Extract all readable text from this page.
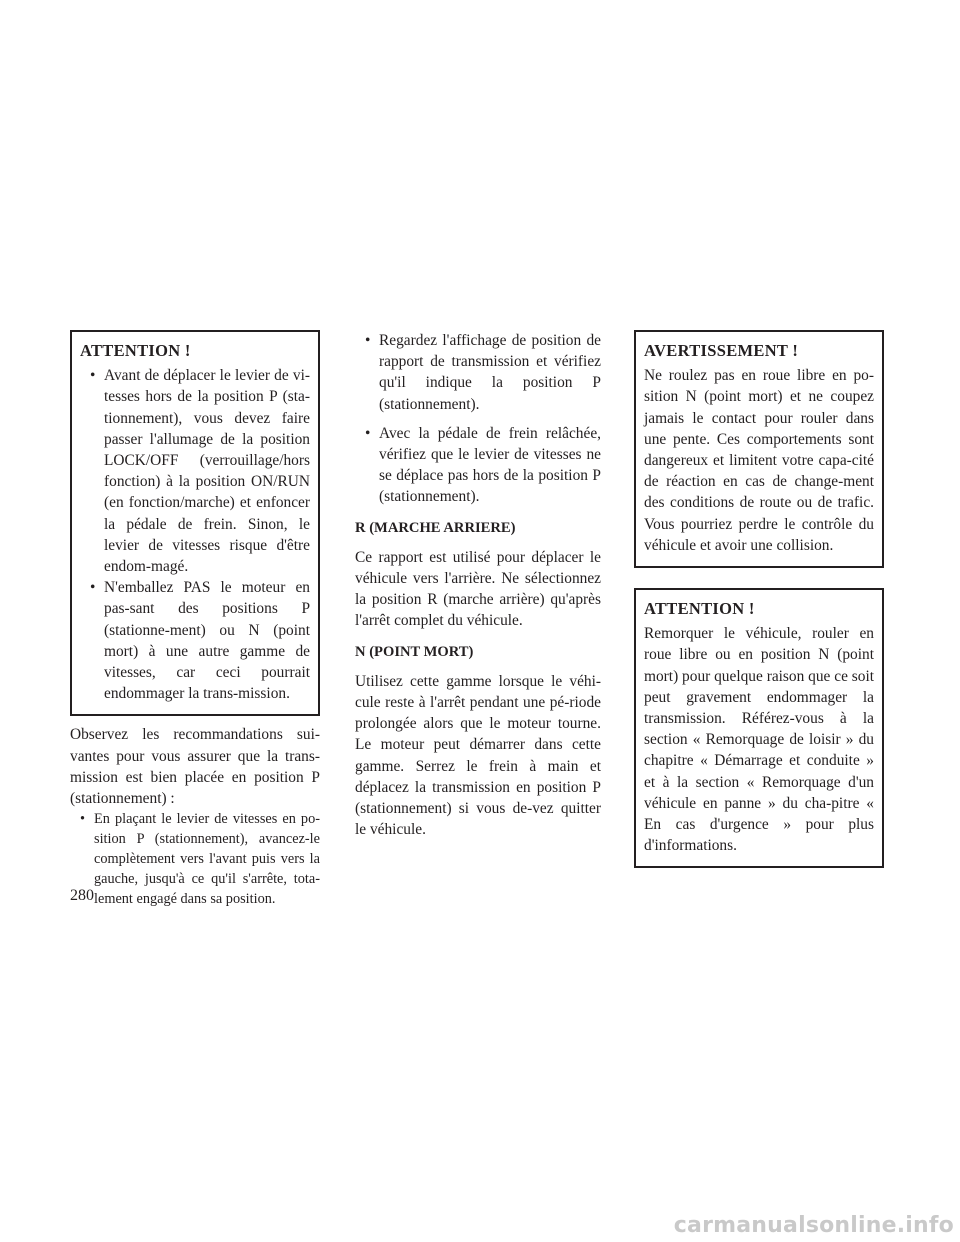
ATTENTION !
• Avant de déplacer le levier de vi-tesses hors de la position P (sta-tionnement), vous devez faire passer l'allumage de la position LOCK/OFF (verrouillage/hors fonction) à la position ON/RUN (en fonction/marche) et enfoncer la pédale de frein. Sinon, le levier de vitesses risque d'être endom-magé.
• N'emballez PAS le moteur en pas-sant des positions P (stationne-ment) ou N (point mort) à une autre gamme de vitesses, car ceci pourrait endommager la trans-mission.

Observez les recommandations sui-vantes pour vous assurer que la trans-mission est bien placée en position P (stationnement) :

• En plaçant le levier de vitesses en po-sition P (stationnement), avancez-le complètement vers l'avant puis vers la gauche, jusqu'à ce qu'il s'arrête, tota-lement engagé dans sa position.
• Regardez l'affichage de position de rapport de transmission et vérifiez qu'il indique la position P (stationnement).
• Avec la pédale de frein relâchée, vérifiez que le levier de vitesses ne se déplace pas hors de la position P (stationnement).

R (MARCHE ARRIERE)

Ce rapport est utilisé pour déplacer le véhicule vers l'arrière. Ne sélectionnez la position R (marche arrière) qu'après l'arrêt complet du véhicule.

N (POINT MORT)

Utilisez cette gamme lorsque le véhi-cule reste à l'arrêt pendant une pé-riode prolongée alors que le moteur tourne. Le moteur peut démarrer dans cette gamme. Serrez le frein à main et déplacez la transmission en position P (stationnement) si vous de-vez quitter le véhicule.

AVERTISSEMENT !

Ne roulez pas en roue libre en po-sition N (point mort) et ne coupez jamais le contact pour rouler dans une pente. Ces comportements sont dangereux et limitent votre capa-cité de réaction en cas de change-ment des conditions de route ou de trafic. Vous pourriez perdre le contrôle du véhicule et avoir une collision.

ATTENTION !

Remorquer le véhicule, rouler en roue libre ou en position N (point mort) pour quelque raison que ce soit peut gravement endommager la transmission. Référez-vous à la section « Remorquage de loisir » du chapitre « Démarrage et conduite » et à la section « Remorquage d'un véhicule en panne » du cha-pitre « En cas d'urgence » pour plus d'informations.

280
carmanualsonline.info
